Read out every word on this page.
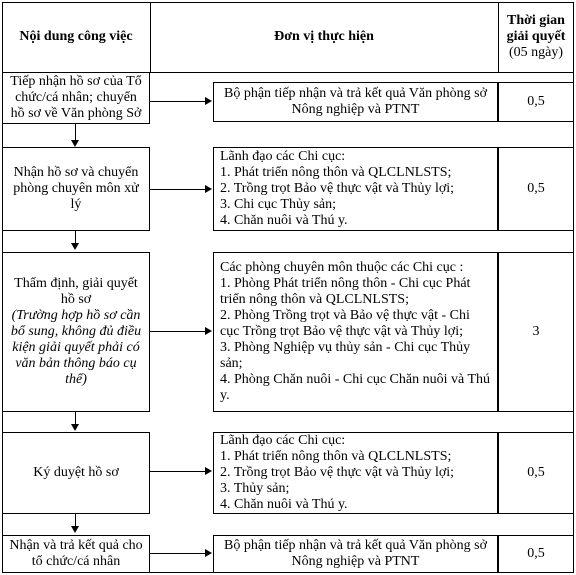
Nội dung công việc	Đơn vị thực hiện
Thời gian giải quyết
(05 ngày)
Tiếp nhận hồ sơ của Tổ chức/cá nhân; chuyển hồ sơ về Văn phòng Sở
Bộ phận tiếp nhận và trả kết quả Văn phòng sở Nông nghiệp và PTNT
0,5
Nhận hồ sơ và chuyển phòng chuyên môn xử lý
Lãnh đạo các Chi cục:
1. Phát triển nông thôn và QLCLNLSTS;
2. Trồng trọt Bảo vệ thực vật và Thủy lợi;
3. Chi cục Thủy sản;
4. Chăn nuôi và Thú y.
0,5
Thẩm định, giải quyết hồ sơ
(Trường hợp hồ sơ cần bổ sung, không đủ điều kiện giải quyết phải có văn bản thông báo cụ thể)
Các phòng chuyên môn thuộc các Chi cục :
1. Phòng Phát triển nông thôn - Chi cục Phát triển nông thôn và QLCLNLSTS;
2. Phòng Trồng trọt và Bảo vệ thực vật - Chi cục Trồng trọt Bảo vệ thực vật và Thủy lợi;
3. Phòng Nghiệp vụ thủy sản - Chi cục Thủy sản;
4. Phòng Chăn nuôi - Chi cục Chăn nuôi và Thú y.
3
Ký duyệt hồ sơ
Lãnh đạo các Chi cục:
1. Phát triển nông thôn và QLCLNLSTS;
2. Trồng trọt Bảo vệ thực vật và Thủy lợi;
3. Thủy sản;
4. Chăn nuôi và Thú y.
0,5
Nhận và trả kết quả cho tổ chức/cá nhân
Bộ phận tiếp nhận và trả kết quả Văn phòng sở Nông nghiệp và PTNT
0,5
